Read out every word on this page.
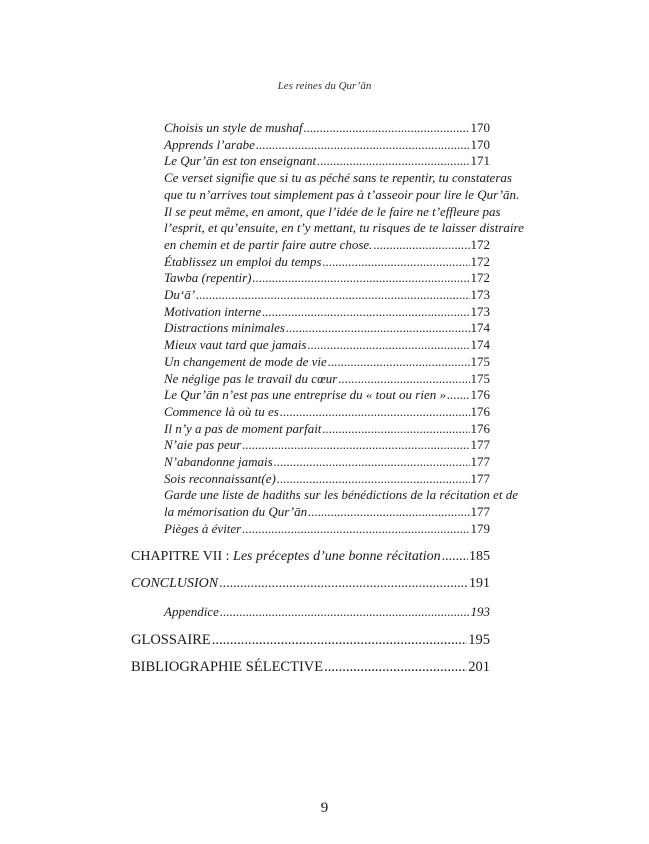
Les reines du Qur’ān
Choisis un style de mushaf .....	170
Apprends l’arabe .....	170
Le Qur’ān est ton enseignant .....	171
Ce verset signifie que si tu as péché sans te repentir, tu constateras
que tu n’arrives tout simplement pas à t’asseoir pour lire le Qur’ān.
Il se peut même, en amont, que l’idée de le faire ne t’effleure pas
l’esprit, et qu’ensuite, en t’y mettant, tu risques de te laisser distraire
en chemin et de partir faire autre chose. .....	172
Établissez un emploi du temps .....	172
Tawba (repentir) .....	172
Du‘ā’ .....	173
Motivation interne .....	173
Distractions minimales .....	174
Mieux vaut tard que jamais .....	174
Un changement de mode de vie .....	175
Ne néglige pas le travail du cœur .....	175
Le Qur’ān n’est pas une entreprise du « tout ou rien » ..... 176
Commence là où tu es .....	176
Il n’y a pas de moment parfait .....	176
N’aie pas peur .....	177
N’abandonne jamais .....	177
Sois reconnaissant(e) .....	177
Garde une liste de hadiths sur les bénédictions de la récitation et de
la mémorisation du Qur’ān .....	177
Pièges à éviter .....	179
CHAPITRE VII : Les préceptes d’une bonne récitation ..... 185
CONCLUSION .....	191
Appendice .....	193
GLOSSAIRE .....	195
BIBLIOGRAPHIE SÉLECTIVE .....	201
9
